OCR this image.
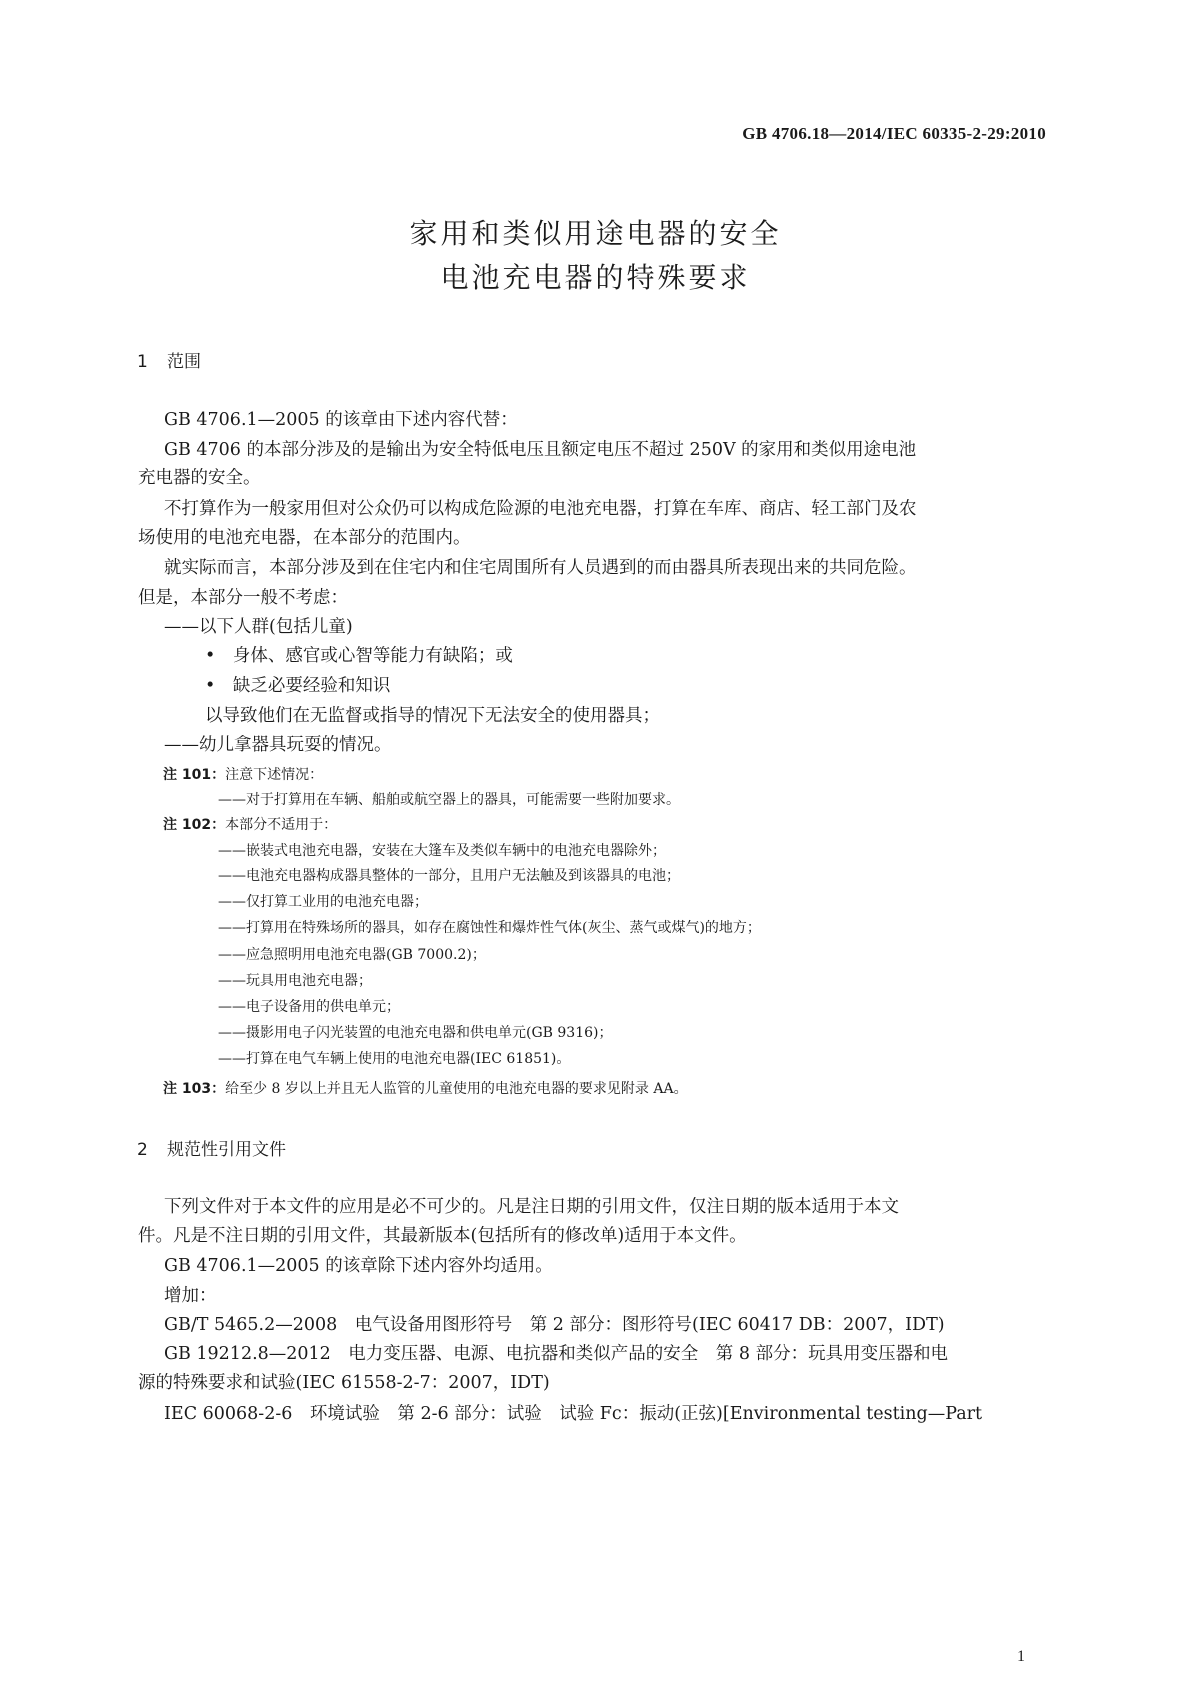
GB 4706.18—2014/IEC 60335-2-29:2010
家用和类似用途电器的安全
电池充电器的特殊要求
1 范围
GB 4706.1—2005 的该章由下述内容代替：
GB 4706 的本部分涉及的是输出为安全特低电压且额定电压不超过 250V 的家用和类似用途电池
充电器的安全。
不打算作为一般家用但对公众仍可以构成危险源的电池充电器，打算在车库、商店、轻工部门及农
场使用的电池充电器，在本部分的范围内。
就实际而言，本部分涉及到在住宅内和住宅周围所有人员遇到的而由器具所表现出来的共同危险。
但是，本部分一般不考虑：
——以下人群(包括儿童)
•　身体、感官或心智等能力有缺陷；或
•　缺乏必要经验和知识
以导致他们在无监督或指导的情况下无法安全的使用器具；
——幼儿拿器具玩耍的情况。
注 101：注意下述情况：
——对于打算用在车辆、船舶或航空器上的器具，可能需要一些附加要求。
注 102：本部分不适用于：
——嵌装式电池充电器，安装在大篷车及类似车辆中的电池充电器除外；
——电池充电器构成器具整体的一部分，且用户无法触及到该器具的电池；
——仅打算工业用的电池充电器；
——打算用在特殊场所的器具，如存在腐蚀性和爆炸性气体(灰尘、蒸气或煤气)的地方；
——应急照明用电池充电器(GB 7000.2)；
——玩具用电池充电器；
——电子设备用的供电单元；
——摄影用电子闪光装置的电池充电器和供电单元(GB 9316)；
——打算在电气车辆上使用的电池充电器(IEC 61851)。
注 103：给至少 8 岁以上并且无人监管的儿童使用的电池充电器的要求见附录 AA。
2 规范性引用文件
下列文件对于本文件的应用是必不可少的。凡是注日期的引用文件，仅注日期的版本适用于本文
件。凡是不注日期的引用文件，其最新版本(包括所有的修改单)适用于本文件。
GB 4706.1—2005 的该章除下述内容外均适用。
增加：
GB/T 5465.2—2008　电气设备用图形符号　第 2 部分：图形符号(IEC 60417 DB：2007，IDT)
GB 19212.8—2012　电力变压器、电源、电抗器和类似产品的安全　第 8 部分：玩具用变压器和电
源的特殊要求和试验(IEC 61558-2-7：2007，IDT)
IEC 60068-2-6　环境试验　第 2-6 部分：试验　试验 Fc：振动(正弦)[Environmental testing—Part
1
